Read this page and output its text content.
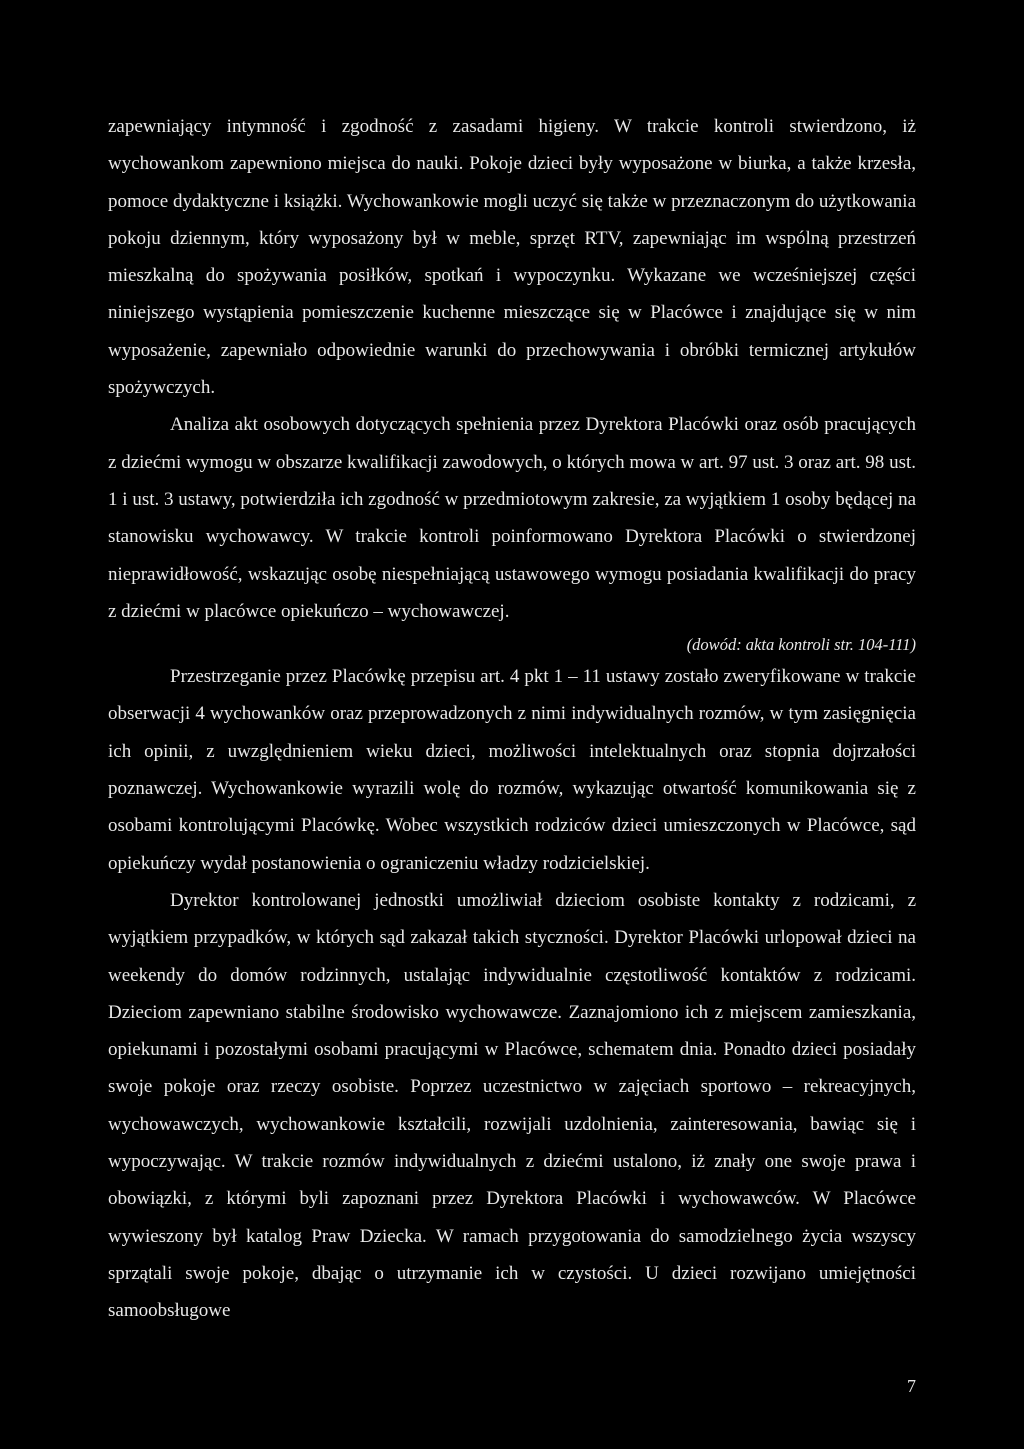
zapewniający intymność i zgodność z zasadami higieny. W trakcie kontroli stwierdzono, iż wychowankom zapewniono miejsca do nauki. Pokoje dzieci były wyposażone w biurka, a także krzesła, pomoce dydaktyczne i książki. Wychowankowie mogli uczyć się także w przeznaczonym do użytkowania pokoju dziennym, który wyposażony był w meble, sprzęt RTV, zapewniając im wspólną przestrzeń mieszkalną do spożywania posiłków, spotkań i wypoczynku. Wykazane we wcześniejszej części niniejszego wystąpienia pomieszczenie kuchenne mieszczące się w Placówce i znajdujące się w nim wyposażenie, zapewniało odpowiednie warunki do przechowywania i obróbki termicznej artykułów spożywczych.

Analiza akt osobowych dotyczących spełnienia przez Dyrektora Placówki oraz osób pracujących z dziećmi wymogu w obszarze kwalifikacji zawodowych, o których mowa w art. 97 ust. 3 oraz art. 98 ust. 1 i ust. 3 ustawy, potwierdziła ich zgodność w przedmiotowym zakresie, za wyjątkiem 1 osoby będącej na stanowisku wychowawcy. W trakcie kontroli poinformowano Dyrektora Placówki o stwierdzonej nieprawidłowość, wskazując osobę niespełniającą ustawowego wymogu posiadania kwalifikacji do pracy z dziećmi w placówce opiekuńczo – wychowawczej.

(dowód: akta kontroli str. 104-111)

Przestrzeganie przez Placówkę przepisu art. 4 pkt 1 – 11 ustawy zostało zweryfikowane w trakcie obserwacji 4 wychowanków oraz przeprowadzonych z nimi indywidualnych rozmów, w tym zasięgnięcia ich opinii, z uwzględnieniem wieku dzieci, możliwości intelektualnych oraz stopnia dojrzałości poznawczej. Wychowankowie wyrazili wolę do rozmów, wykazując otwartość komunikowania się z osobami kontrolującymi Placówkę. Wobec wszystkich rodziców dzieci umieszczonych w Placówce, sąd opiekuńczy wydał postanowienia o ograniczeniu władzy rodzicielskiej.

Dyrektor kontrolowanej jednostki umożliwiał dzieciom osobiste kontakty z rodzicami, z wyjątkiem przypadków, w których sąd zakazał takich styczności. Dyrektor Placówki urlopował dzieci na weekendy do domów rodzinnych, ustalając indywidualnie częstotliwość kontaktów z rodzicami. Dzieciom zapewniano stabilne środowisko wychowawcze. Zaznajomiono ich z miejscem zamieszkania, opiekunami i pozostałymi osobami pracującymi w Placówce, schematem dnia. Ponadto dzieci posiadały swoje pokoje oraz rzeczy osobiste. Poprzez uczestnictwo w zajęciach sportowo – rekreacyjnych, wychowawczych, wychowankowie kształcili, rozwijali uzdolnienia, zainteresowania, bawiąc się i wypoczywając. W trakcie rozmów indywidualnych z dziećmi ustalono, iż znały one swoje prawa i obowiązki, z którymi byli zapoznani przez Dyrektora Placówki i wychowawców. W Placówce wywieszony był katalog Praw Dziecka. W ramach przygotowania do samodzielnego życia wszyscy sprzątali swoje pokoje, dbając o utrzymanie ich w czystości. U dzieci rozwijano umiejętności samoobsługowe

7
